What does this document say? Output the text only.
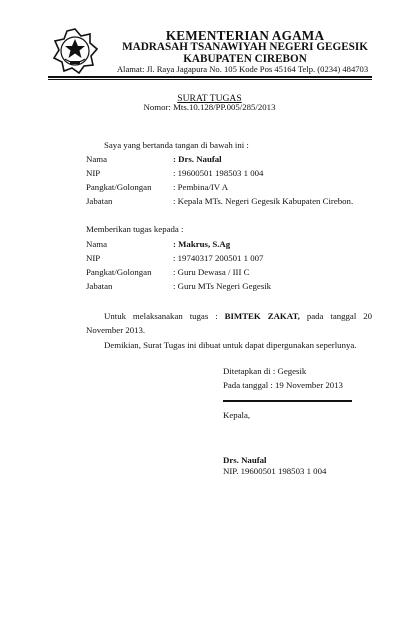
KEMENTERIAN AGAMA
MADRASAH TSANAWIYAH NEGERI GEGESIK
KABUPATEN CIREBON
Alamat: Jl. Raya Jagapura No. 105 Kode Pos 45164 Telp. (0234) 484703
SURAT TUGAS
Nomor: Mts.10.128/PP.005/285/2013
Saya yang bertanda tangan di bawah ini :
Nama	: Drs. Naufal
NIP	: 19600501 198503 1 004
Pangkat/Golongan : Pembina/IV A
Jabatan	: Kepala MTs. Negeri Gegesik Kabupaten Cirebon.
Memberikan tugas kepada :
Nama	: Makrus, S.Ag
NIP	: 19740317 200501 1 007
Pangkat/Golongan : Guru Dewasa / III C
Jabatan	: Guru MTs Negeri Gegesik
Untuk melaksanakan tugas : BIMTEK ZAKAT, pada tanggal 20 November 2013.
Demikian, Surat Tugas ini dibuat untuk dapat dipergunakan seperlunya.
Ditetapkan di : Gegesik
Pada tanggal : 19 November 2013
Kepala,
Drs. Naufal
NIP. 19600501 198503 1 004
